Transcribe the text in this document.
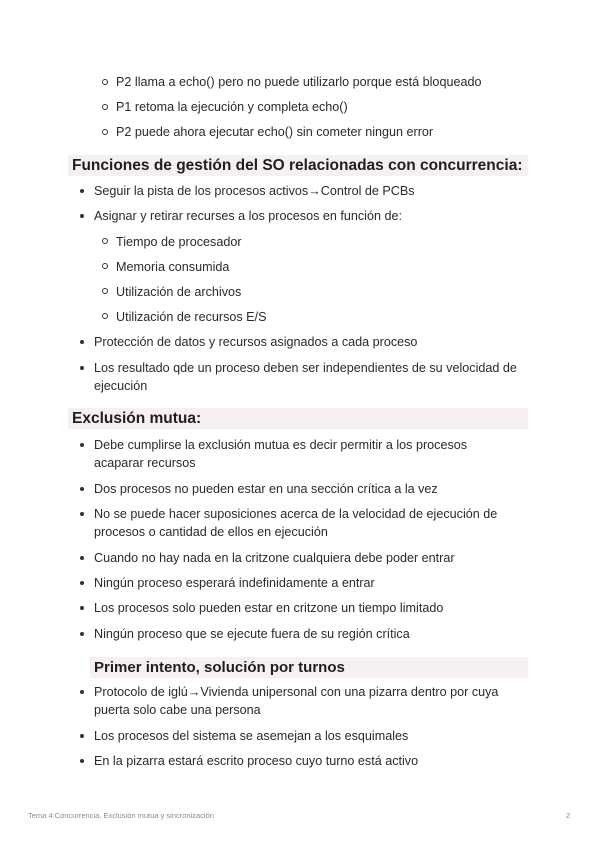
P2 llama a echo() pero no puede utilizarlo porque está bloqueado
P1 retoma la ejecución y completa echo()
P2 puede ahora ejecutar echo() sin cometer ningun error
Funciones de gestión del SO relacionadas con concurrencia:
Seguir la pista de los procesos activos→Control de PCBs
Asignar y retirar recurses a los procesos en función de:
Tiempo de procesador
Memoria consumida
Utilización de archivos
Utilización de recursos E/S
Protección de datos y recursos asignados a cada proceso
Los resultado qde un proceso deben ser independientes de su velocidad de
ejecución
Exclusión mutua:
Debe cumplirse la exclusión mutua es decir permitir a los procesos
acaparar recursos
Dos procesos no pueden estar en una sección crítica a la vez
No se puede hacer suposiciones acerca de la velocidad de ejecución de
procesos o cantidad de ellos en ejecución
Cuando no hay nada en la critzone cualquiera debe poder entrar
Ningún proceso esperará indefinidamente a entrar
Los procesos solo pueden estar en critzone un tiempo limitado
Ningún proceso que se ejecute fuera de su región crítica
Primer intento, solución por turnos
Protocolo de iglú→Vivienda unipersonal con una pizarra dentro por cuya
puerta solo cabe una persona
Los procesos del sistema se asemejan a los esquimales
En la pizarra estará escrito proceso cuyo turno está activo
Tema 4:Concurrencia. Exclusión mutua y sincronización	2
